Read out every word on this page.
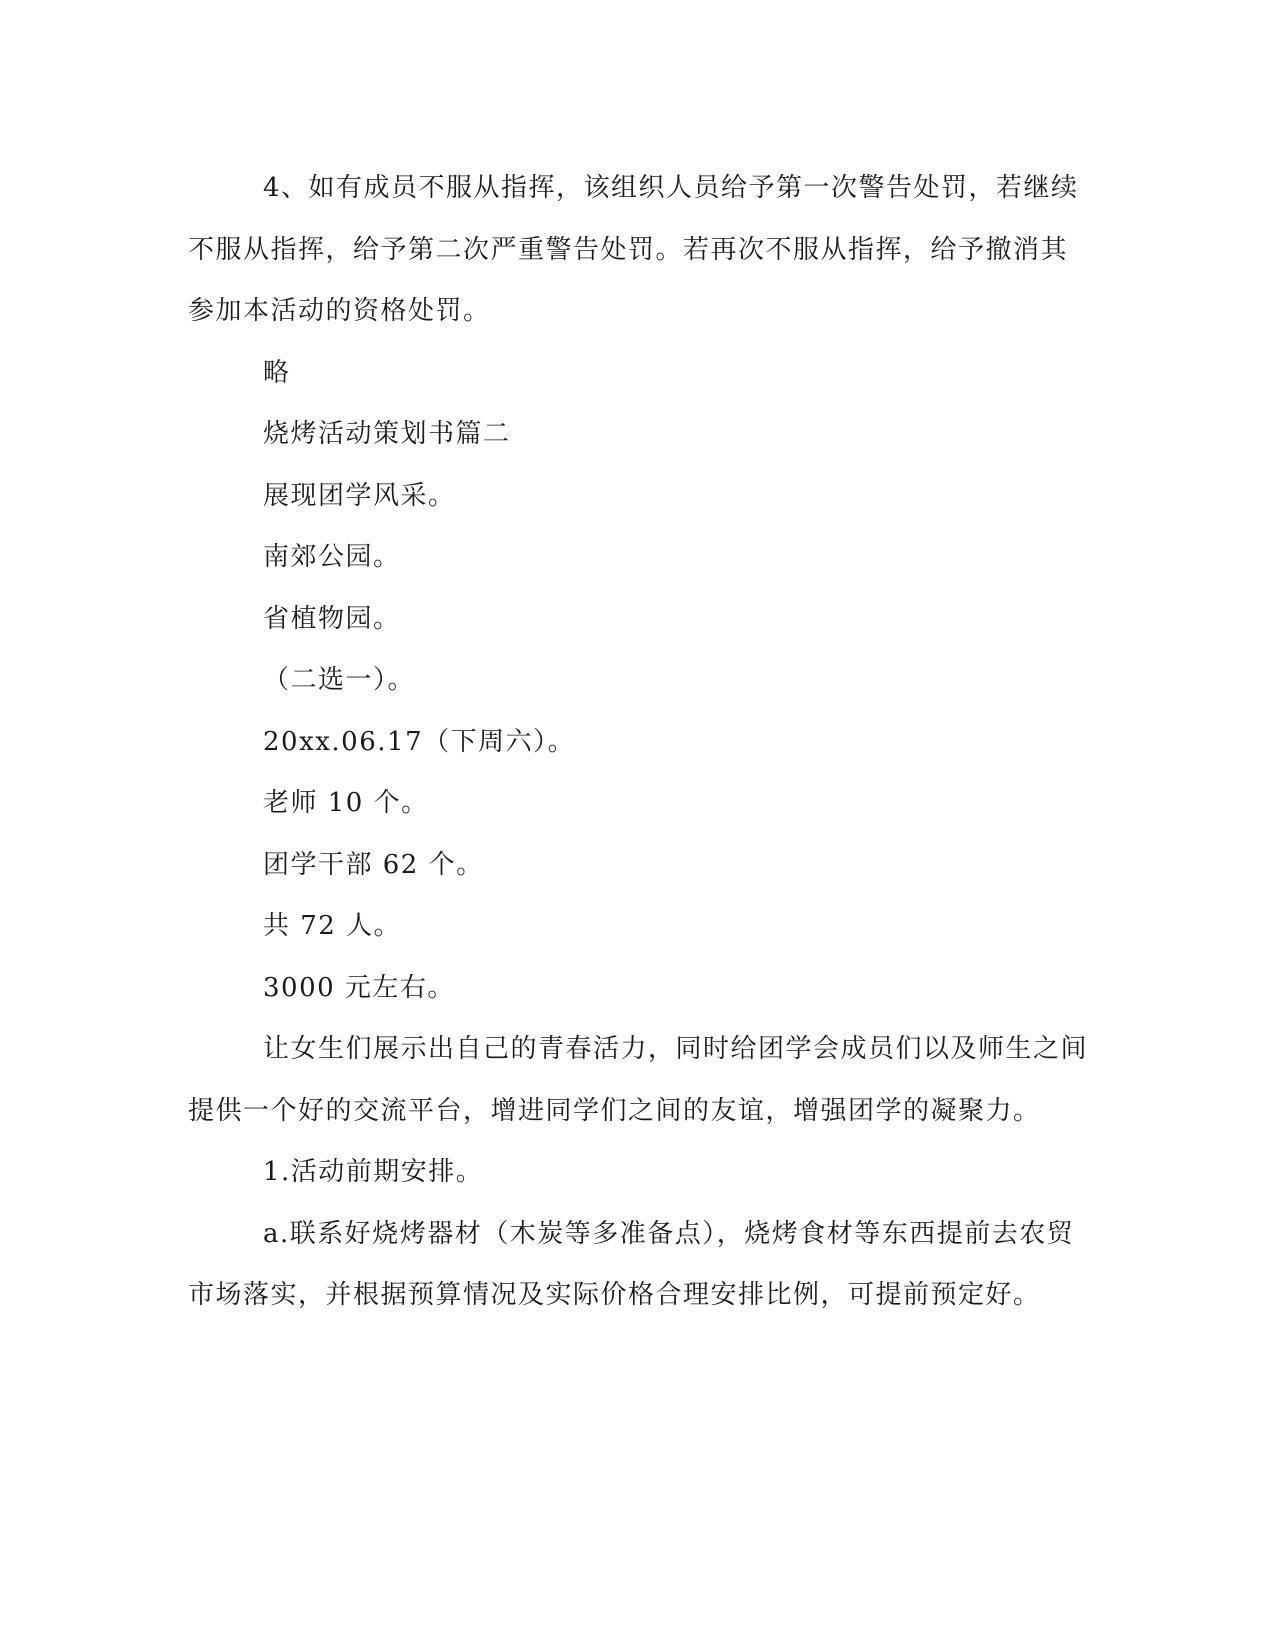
4、如有成员不服从指挥，该组织人员给予第一次警告处罚，若继续不服从指挥，给予第二次严重警告处罚。若再次不服从指挥，给予撤消其参加本活动的资格处罚。

略

烧烤活动策划书篇二

展现团学风采。

南郊公园。

省植物园。

（二选一）。

20xx.06.17（下周六）。

老师 10 个。

团学干部 62 个。

共 72 人。

3000 元左右。

让女生们展示出自己的青春活力，同时给团学会成员们以及师生之间提供一个好的交流平台，增进同学们之间的友谊，增强团学的凝聚力。

1.活动前期安排。

a.联系好烧烤器材（木炭等多准备点），烧烤食材等东西提前去农贸市场落实，并根据预算情况及实际价格合理安排比例，可提前预定好。
